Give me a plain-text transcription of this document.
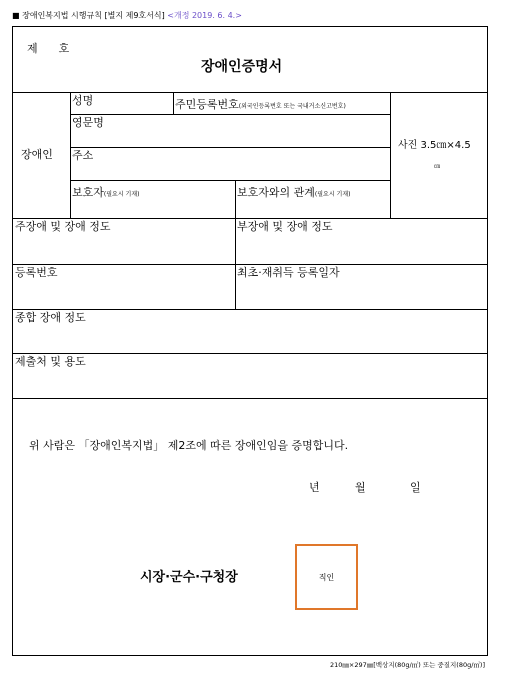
■ 장애인복지법 시행규칙 [별지 제9호서식] <개정 2019. 6. 4.>
제      호
장애인증명서
장애인
성명	주민등록번호(외국인등록번호 또는 국내거소신고번호)
영문명
주소
보호자(필요시 기재)	보호자와의 관계(필요시 기재)
사진 3.5㎝×4.5
㎝
주장애 및 장애 정도	부장애 및 장애 정도
등록번호	최초·재취득 등록일자
종합 장애 정도
제출처 및 용도
위 사람은 「장애인복지법」 제2조에 따른 장애인임을 증명합니다.
년	월	일
시장·군수·구청장	직인
210㎜×297㎜[백상지(80g/㎡) 또는 중질지(80g/㎡)]
